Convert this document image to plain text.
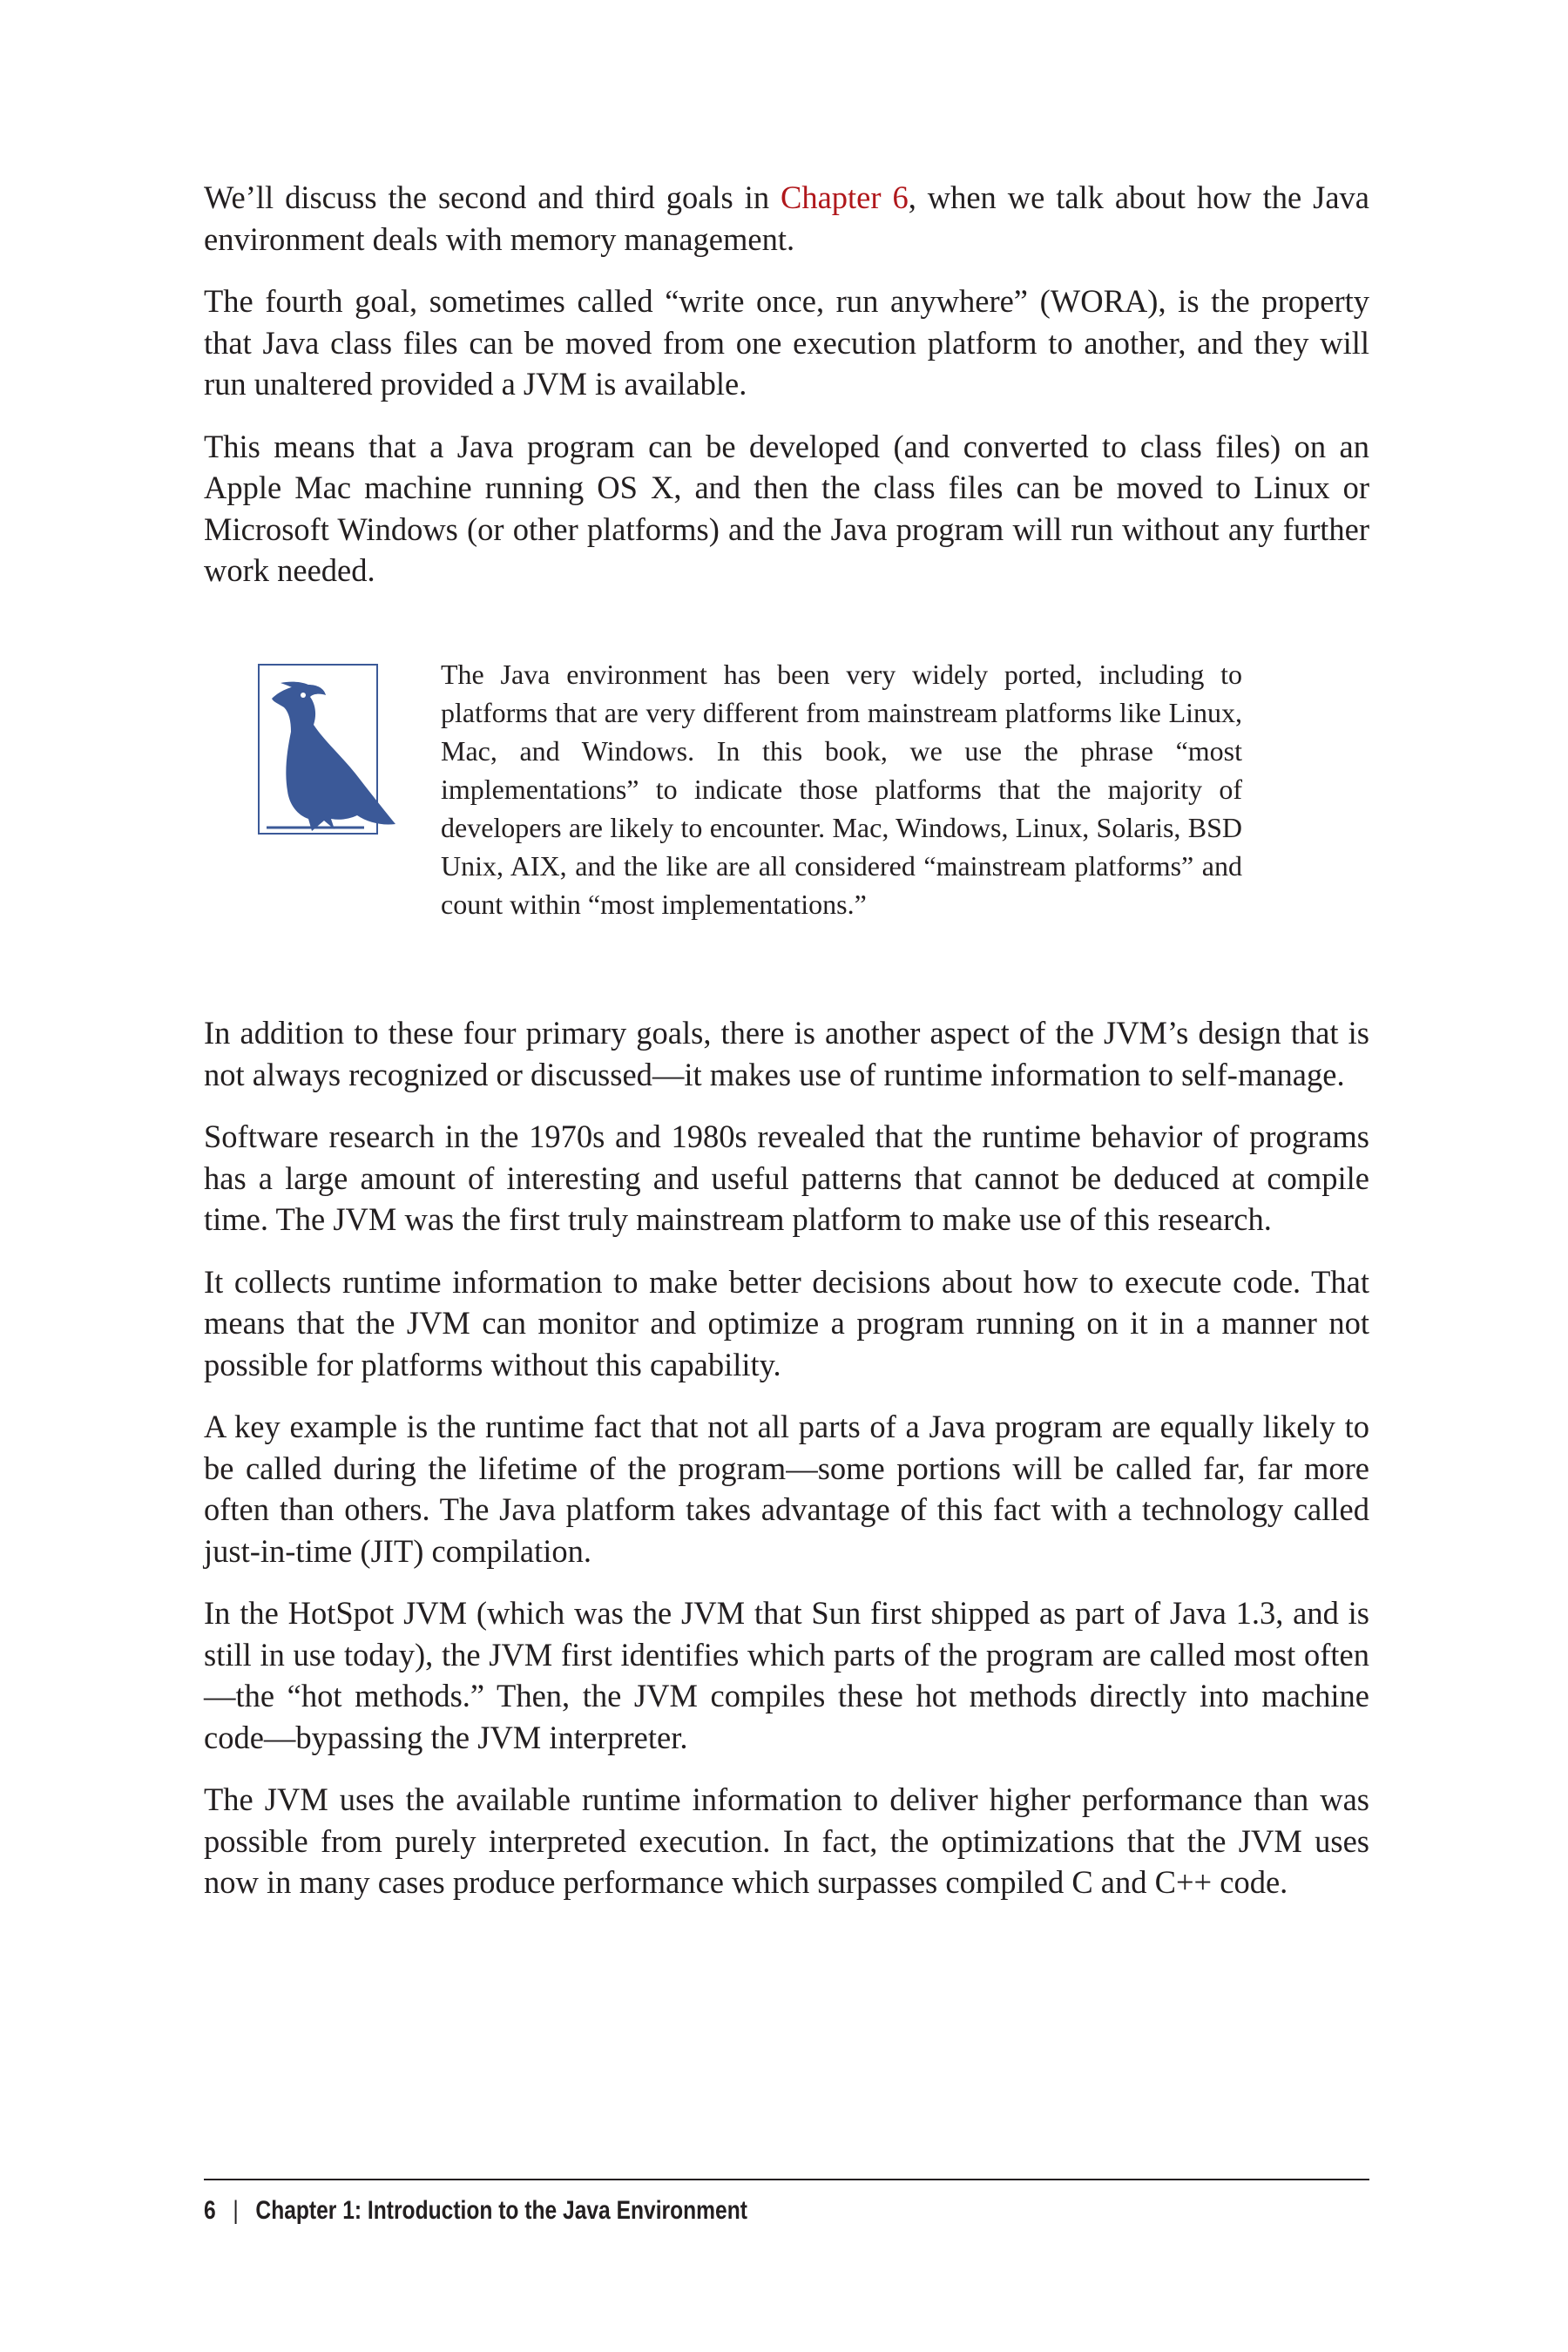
We’ll discuss the second and third goals in Chapter 6, when we talk about how the Java environment deals with memory management.

The fourth goal, sometimes called “write once, run anywhere” (WORA), is the property that Java class files can be moved from one execution platform to another, and they will run unaltered provided a JVM is available.

This means that a Java program can be developed (and converted to class files) on an Apple Mac machine running OS X, and then the class files can be moved to Linux or Microsoft Windows (or other platforms) and the Java program will run without any further work needed.

The Java environment has been very widely ported, including to platforms that are very different from mainstream platforms like Linux, Mac, and Windows. In this book, we use the phrase “most implementations” to indicate those platforms that the majority of developers are likely to encounter. Mac, Windows, Linux, Solaris, BSD Unix, AIX, and the like are all considered “mainstream platforms” and count within “most implementations.”

In addition to these four primary goals, there is another aspect of the JVM’s design that is not always recognized or discussed—it makes use of runtime information to self-manage.

Software research in the 1970s and 1980s revealed that the runtime behavior of programs has a large amount of interesting and useful patterns that cannot be deduced at compile time. The JVM was the first truly mainstream platform to make use of this research.

It collects runtime information to make better decisions about how to execute code. That means that the JVM can monitor and optimize a program running on it in a manner not possible for platforms without this capability.

A key example is the runtime fact that not all parts of a Java program are equally likely to be called during the lifetime of the program—some portions will be called far, far more often than others. The Java platform takes advantage of this fact with a technology called just-in-time (JIT) compilation.

In the HotSpot JVM (which was the JVM that Sun first shipped as part of Java 1.3, and is still in use today), the JVM first identifies which parts of the program are called most often—the “hot methods.” Then, the JVM compiles these hot methods directly into machine code—bypassing the JVM interpreter.

The JVM uses the available runtime information to deliver higher performance than was possible from purely interpreted execution. In fact, the optimizations that the JVM uses now in many cases produce performance which surpasses compiled C and C++ code.

6 | Chapter 1: Introduction to the Java Environment
